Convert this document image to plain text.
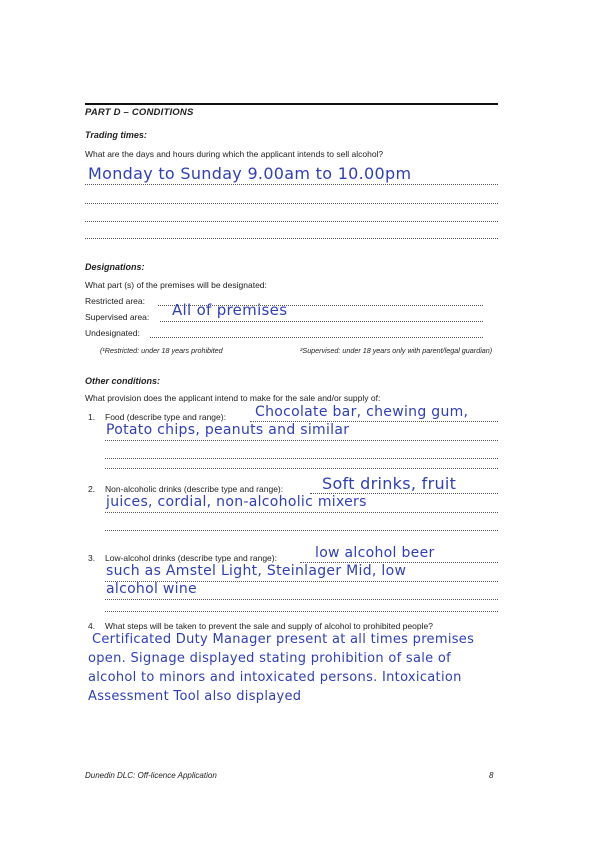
PART D – CONDITIONS
Trading times:
What are the days and hours during which the applicant intends to sell alcohol?
Monday to Sunday 9.00am to 10.00pm
Designations:
What part (s) of the premises will be designated:
Restricted area:
Supervised area: All of premises
Undesignated:
(¹Restricted: under 18 years prohibited	²Supervised: under 18 years only with parent/legal guardian)
Other conditions:
What provision does the applicant intend to make for the sale and/or supply of:
1. Food (describe type and range): Chocolate bar, chewing gum,
Potato chips, peanuts and similar
2. Non-alcoholic drinks (describe type and range): Soft drinks, fruit
juices, cordial, non-alcoholic mixers
3. Low-alcohol drinks (describe type and range):	low alcohol beer
such as Amstel Light, Steinlager Mid, low
alcohol wine
4. What steps will be taken to prevent the sale and supply of alcohol to prohibited people?
Certificated Duty Manager present at all times premises
open. Signage displayed stating prohibition of sale of
alcohol to minors and intoxicated persons. Intoxication
Assessment Tool also displayed
Dunedin DLC: Off-licence Application	8
